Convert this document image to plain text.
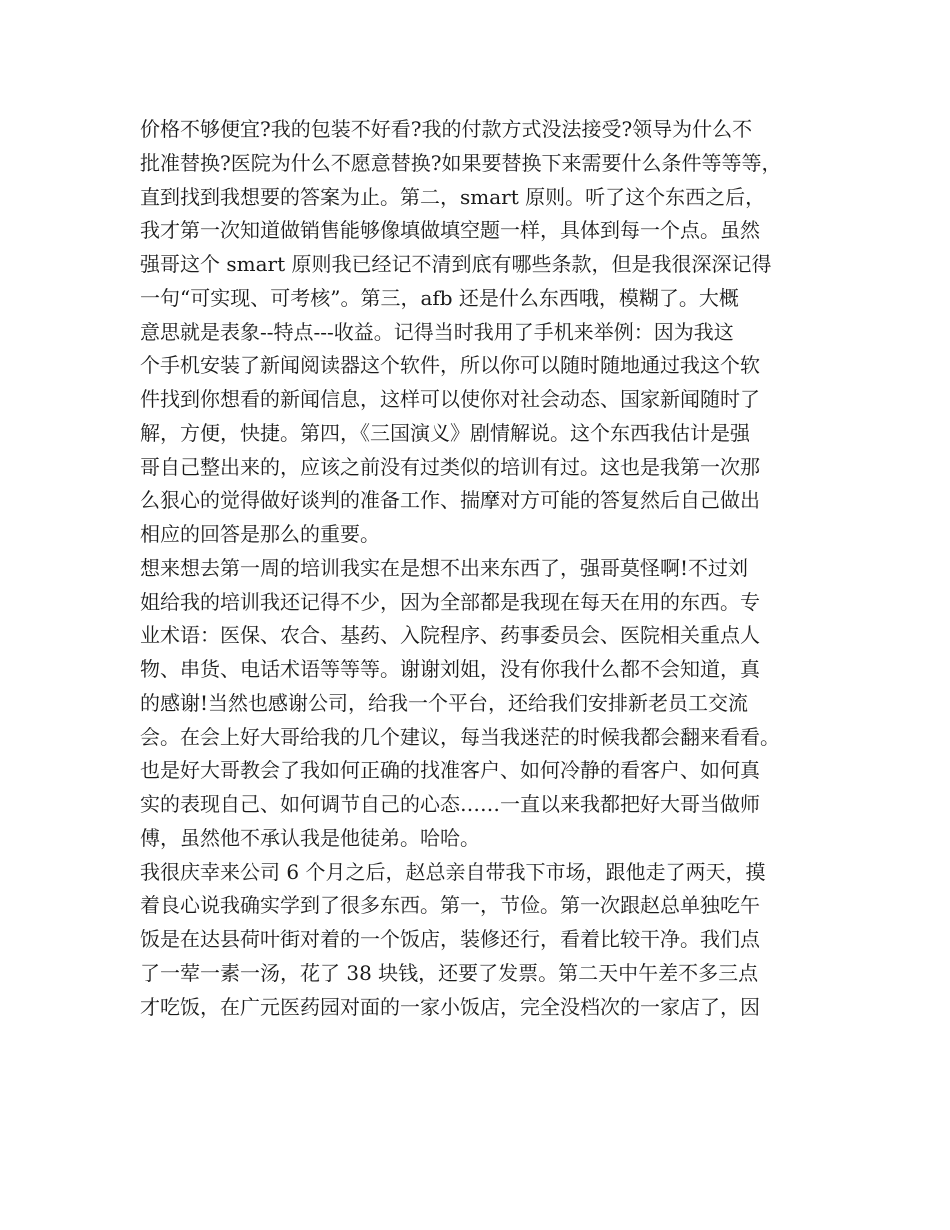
价格不够便宜?我的包装不好看?我的付款方式没法接受?领导为什么不
批准替换?医院为什么不愿意替换?如果要替换下来需要什么条件等等等，
直到找到我想要的答案为止。第二，smart 原则。听了这个东西之后，
我才第一次知道做销售能够像填做填空题一样，具体到每一个点。虽然
强哥这个 smart 原则我已经记不清到底有哪些条款，但是我很深深记得
一句“可实现、可考核”。第三，afb 还是什么东西哦，模糊了。大概
意思就是表象--特点---收益。记得当时我用了手机来举例：因为我这
个手机安装了新闻阅读器这个软件，所以你可以随时随地通过我这个软
件找到你想看的新闻信息，这样可以使你对社会动态、国家新闻随时了
解，方便，快捷。第四，《三国演义》剧情解说。这个东西我估计是强
哥自己整出来的，应该之前没有过类似的培训有过。这也是我第一次那
么狠心的觉得做好谈判的准备工作、揣摩对方可能的答复然后自己做出
相应的回答是那么的重要。
想来想去第一周的培训我实在是想不出来东西了，强哥莫怪啊!不过刘
姐给我的培训我还记得不少，因为全部都是我现在每天在用的东西。专
业术语：医保、农合、基药、入院程序、药事委员会、医院相关重点人
物、串货、电话术语等等等。谢谢刘姐，没有你我什么都不会知道，真
的感谢!当然也感谢公司，给我一个平台，还给我们安排新老员工交流
会。在会上好大哥给我的几个建议，每当我迷茫的时候我都会翻来看看。
也是好大哥教会了我如何正确的找准客户、如何冷静的看客户、如何真
实的表现自己、如何调节自己的心态……一直以来我都把好大哥当做师
傅，虽然他不承认我是他徒弟。哈哈。
我很庆幸来公司 6 个月之后，赵总亲自带我下市场，跟他走了两天，摸
着良心说我确实学到了很多东西。第一，节俭。第一次跟赵总单独吃午
饭是在达县荷叶街对着的一个饭店，装修还行，看着比较干净。我们点
了一荤一素一汤，花了 38 块钱，还要了发票。第二天中午差不多三点
才吃饭，在广元医药园对面的一家小饭店，完全没档次的一家店了，因
